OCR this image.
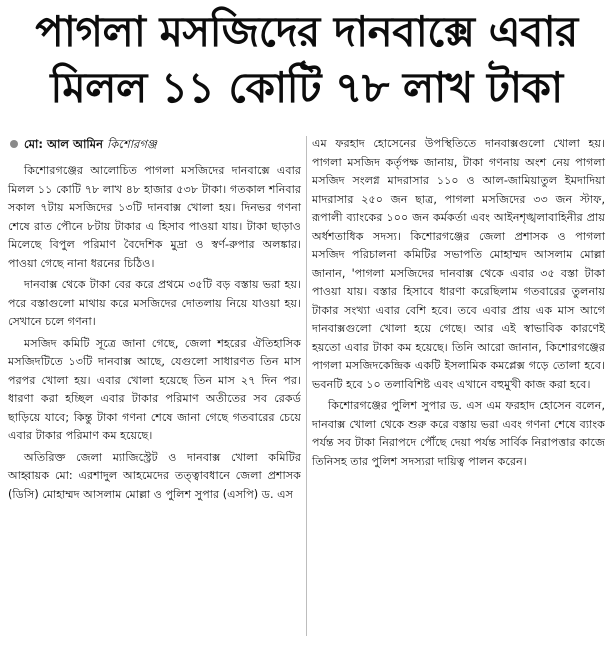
পাগলা মসজিদের দানবাক্সে এবার
মিলল ১১ কোটি ৭৮ লাখ টাকা
মো: আল আমিন কিশোরগঞ্জ

কিশোরগঞ্জের আলোচিত পাগলা মসজিদের দানবাক্সে এবার মিলল ১১ কোটি ৭৮ লাখ ৪৮ হাজার ৫৩৮ টাকা। গতকাল শনিবার সকাল ৭টায় মসজিদের ১৩টি দানবাক্স খোলা হয়। দিনভর গণনা শেষে রাত পৌনে ৮টায় টাকার এ হিসাব পাওয়া যায়। টাকা ছাড়াও মিলেছে বিপুল পরিমাণ বৈদেশিক মুদ্রা ও স্বর্ণ-রুপার অলঙ্কার। পাওয়া গেছে নানা ধরনের চিঠিও।

দানবাক্স থেকে টাকা বের করে প্রথমে ৩৫টি বড় বস্তায় ভরা হয়। পরে বস্তাগুলো মাথায় করে মসজিদের দোতলায় নিয়ে যাওয়া হয়। সেখানে চলে গণনা।

মসজিদ কমিটি সূত্রে জানা গেছে, জেলা শহরের ঐতিহাসিক মসজিদটিতে ১৩টি দানবাক্স আছে, যেগুলো সাধারণত তিন মাস পরপর খোলা হয়। এবার খোলা হয়েছে তিন মাস ২৭ দিন পর। ধারণা করা হচ্ছিল এবার টাকার পরিমাণ অতীতের সব রেকর্ড ছাড়িয়ে যাবে; কিন্তু টাকা গণনা শেষে জানা গেছে গতবারের চেয়ে এবার টাকার পরিমাণ কম হয়েছে।

অতিরিক্ত জেলা ম্যাজিস্ট্রেট ও দানবাক্স খোলা কমিটির আহ্বায়ক মো: এরশাদুল আহমেদের তত্ত্বাবধানে জেলা প্রশাসক (ডিসি) মোহাম্মদ আসলাম মোল্লা ও পুলিশ সুপার (এসপি) ড. এস

এম ফরহাদ হোসেনের উপস্থিতিতে দানবাক্সগুলো খোলা হয়। পাগলা মসজিদ কর্তৃপক্ষ জানায়, টাকা গণনায় অংশ নেয় পাগলা মসজিদ সংলগ্ন মাদরাসার ১১০ ও আল-জামিয়াতুল ইমদাদিয়া মাদরাসার ২৫০ জন ছাত্র, পাগলা মসজিদের ৩৩ জন স্টাফ, রূপালী ব্যাংকের ১০০ জন কর্মকর্তা এবং আইনশৃঙ্খলাবাহিনীর প্রায় অর্ধশতাধিক সদস্য। কিশোরগঞ্জের জেলা প্রশাসক ও পাগলা মসজিদ পরিচালনা কমিটির সভাপতি মোহাম্মদ আসলাম মোল্লা জানান, 'পাগলা মসজিদের দানবাক্স থেকে এবার ৩৫ বস্তা টাকা পাওয়া যায়। বস্তার হিসাবে ধারণা করেছিলাম গতবারের তুলনায় টাকার সংখ্যা এবার বেশি হবে। তবে এবার প্রায় এক মাস আগে দানবাক্সগুলো খোলা হয়ে গেছে। আর এই স্বাভাবিক কারণেই হয়তো এবার টাকা কম হয়েছে। তিনি আরো জানান, কিশোরগঞ্জের পাগলা মসজিদকেন্দ্রিক একটি ইসলামিক কমপ্লেক্স গড়ে তোলা হবে। ভবনটি হবে ১০ তলাবিশিষ্ট এবং এখানে বহুমুখী কাজ করা হবে।

কিশোরগঞ্জের পুলিশ সুপার ড. এস এম ফরহাদ হোসেন বলেন, দানবাক্স খোলা থেকে শুরু করে বস্তায় ভরা এবং গণনা শেষে ব্যাংক পর্যন্ত সব টাকা নিরাপদে পৌঁছে দেয়া পর্যন্ত সার্বিক নিরাপত্তার কাজে তিনিসহ তার পুলিশ সদস্যরা দায়িত্ব পালন করেন।
